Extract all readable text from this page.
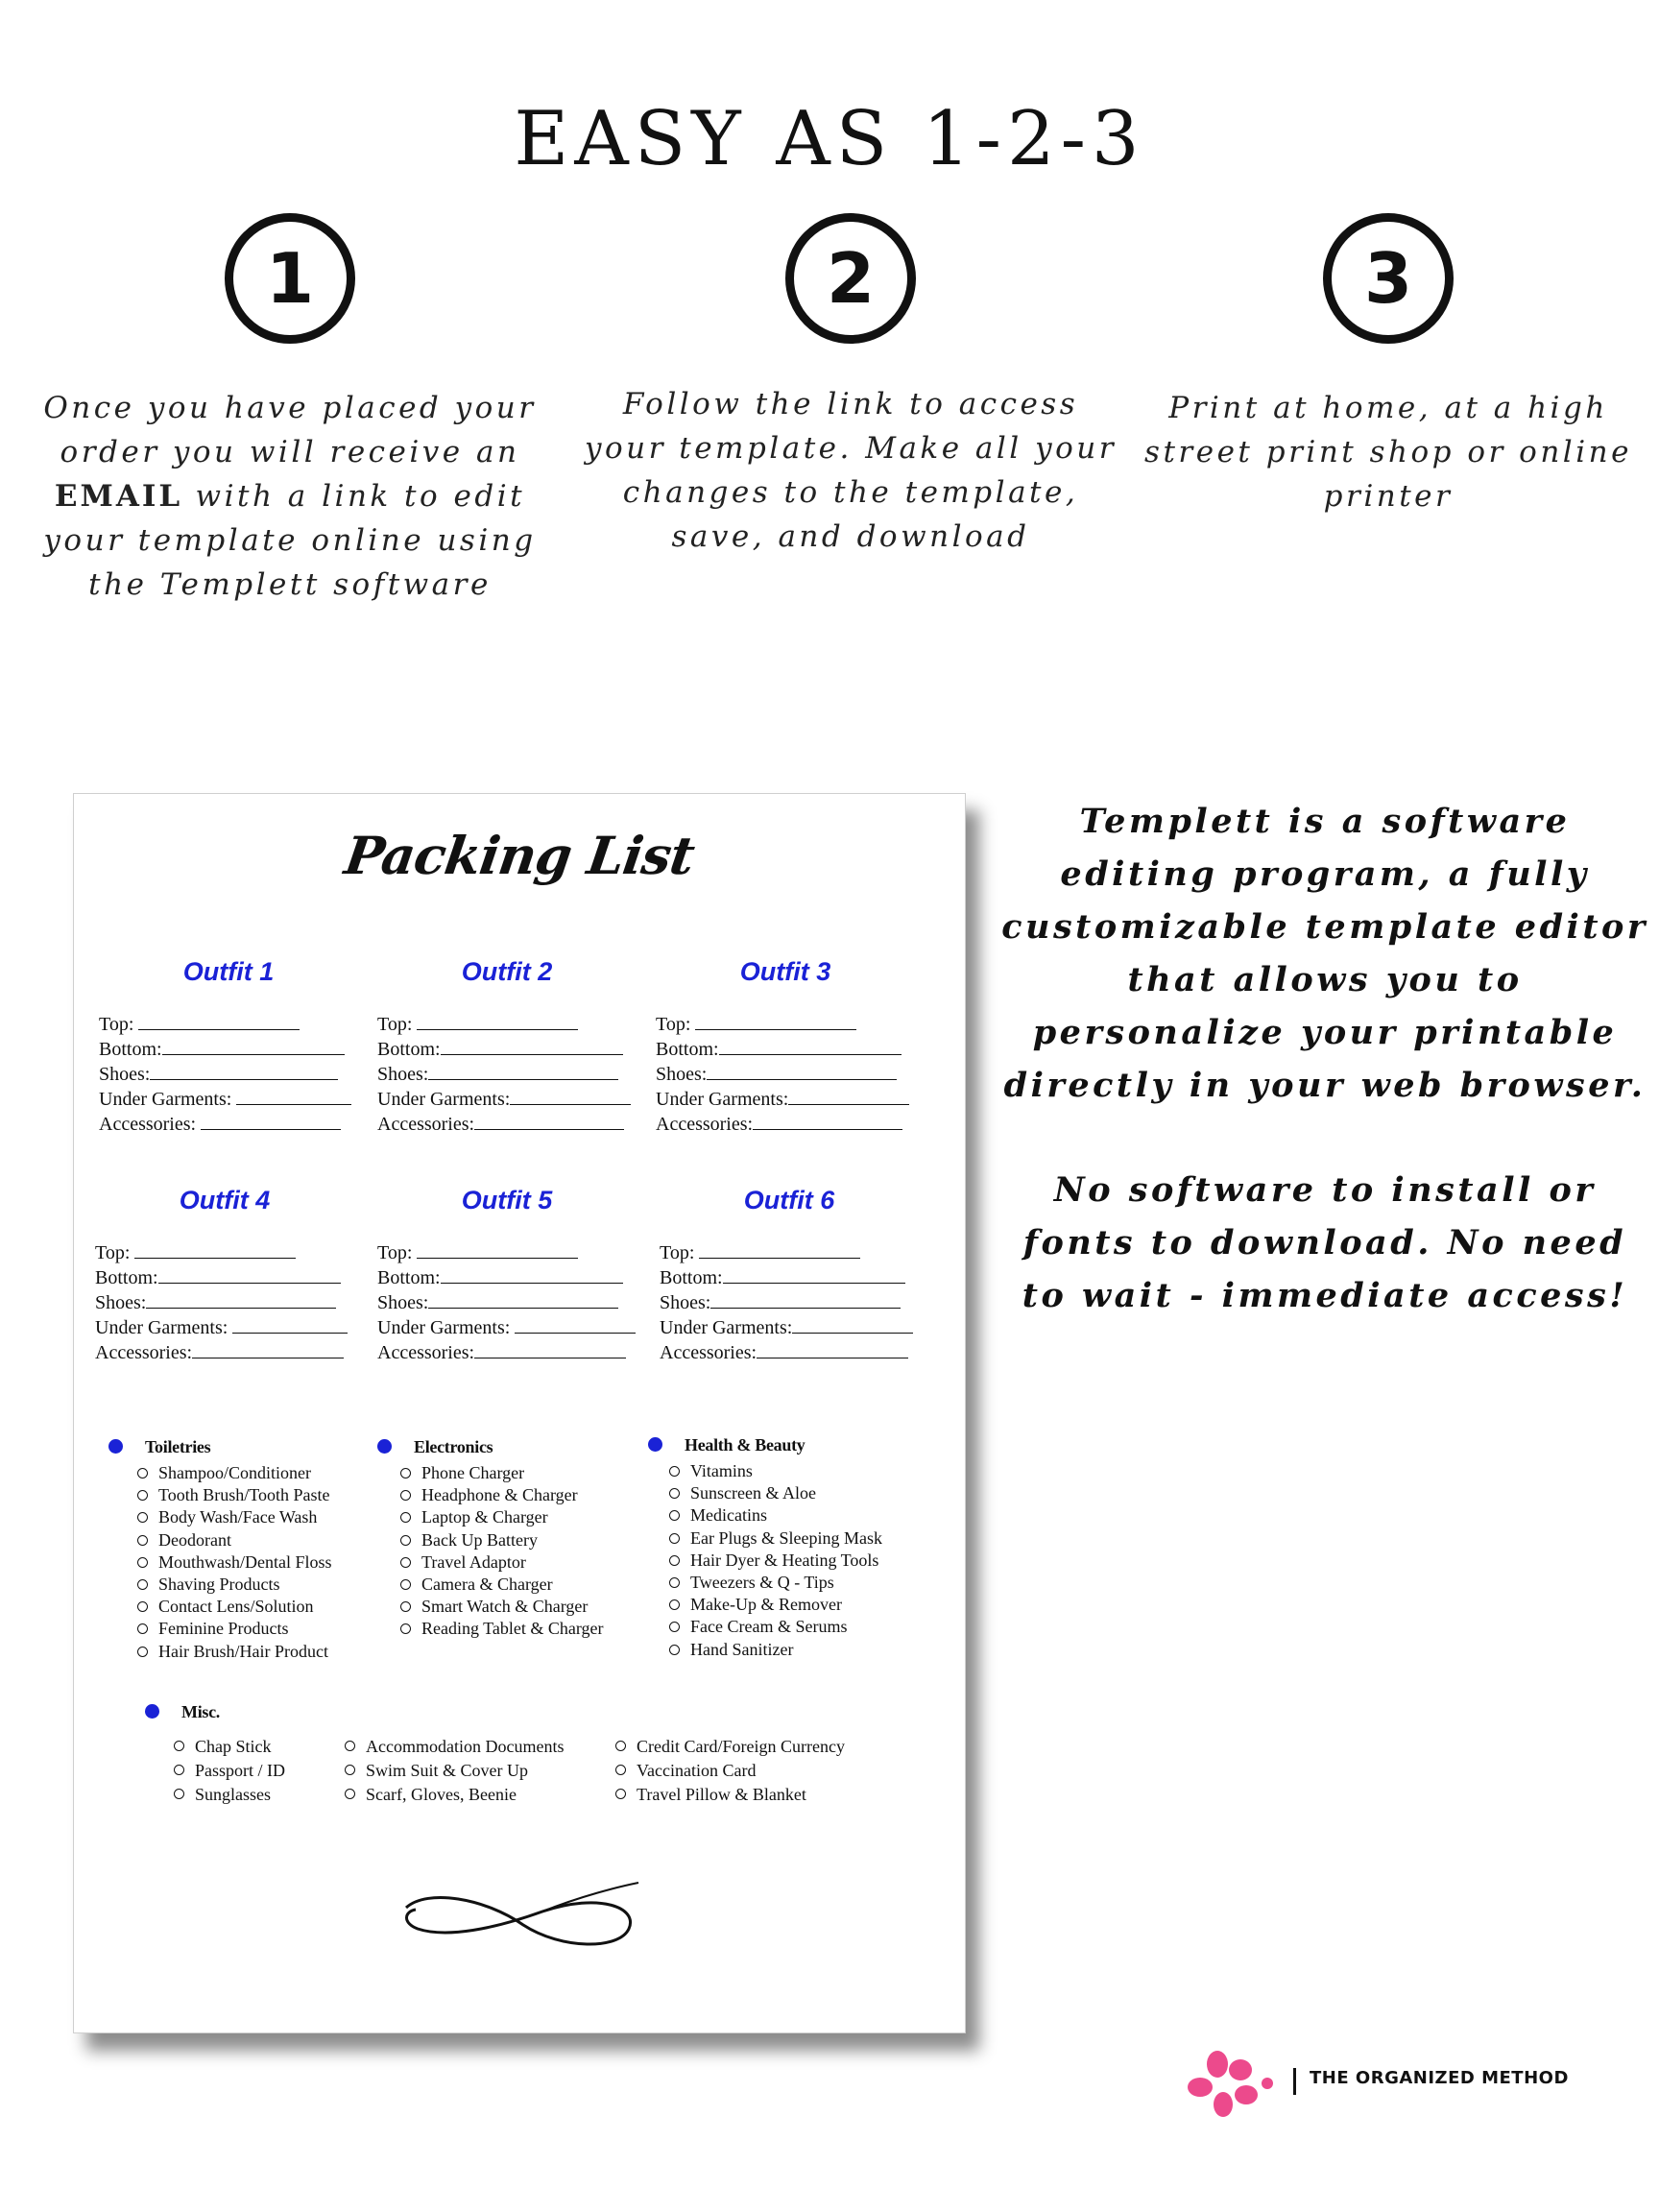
EASY AS 1-2-3
1
Once you have placed your order you will receive an EMAIL with a link to edit your template online using the Templett software
2
Follow the link to access your template. Make all your changes to the template, save, and download
3
Print at home, at a high street print shop or online printer
Templett is a software editing program, a fully customizable template editor that allows you to personalize your printable directly in your web browser.
No software to install or fonts to download. No need to wait - immediate access!
Packing List
Outfit 1
Top:
Bottom:
Shoes:
Under Garments:
Accessories:
Outfit 2
Top:
Bottom:
Shoes:
Under Garments:
Accessories:
Outfit 3
Top:
Bottom:
Shoes:
Under Garments:
Accessories:
Outfit 4
Top:
Bottom:
Shoes:
Under Garments:
Accessories:
Outfit 5
Top:
Bottom:
Shoes:
Under Garments:
Accessories:
Outfit 6
Top:
Bottom:
Shoes:
Under Garments:
Accessories:
Toiletries
Shampoo/Conditioner
Tooth Brush/Tooth Paste
Body Wash/Face Wash
Deodorant
Mouthwash/Dental Floss
Shaving Products
Contact Lens/Solution
Feminine Products
Hair Brush/Hair Product
Electronics
Phone Charger
Headphone & Charger
Laptop & Charger
Back Up Battery
Travel Adaptor
Camera & Charger
Smart Watch & Charger
Reading Tablet & Charger
Health & Beauty
Vitamins
Sunscreen & Aloe
Medicatins
Ear Plugs & Sleeping Mask
Hair Dyer & Heating Tools
Tweezers & Q - Tips
Make-Up & Remover
Face Cream & Serums
Hand Sanitizer
Misc.
Chap Stick
Passport / ID
Sunglasses
Accommodation Documents
Swim Suit & Cover Up
Scarf, Gloves, Beenie
Credit Card/Foreign Currency
Vaccination Card
Travel Pillow & Blanket
THE ORGANIZED METHOD
